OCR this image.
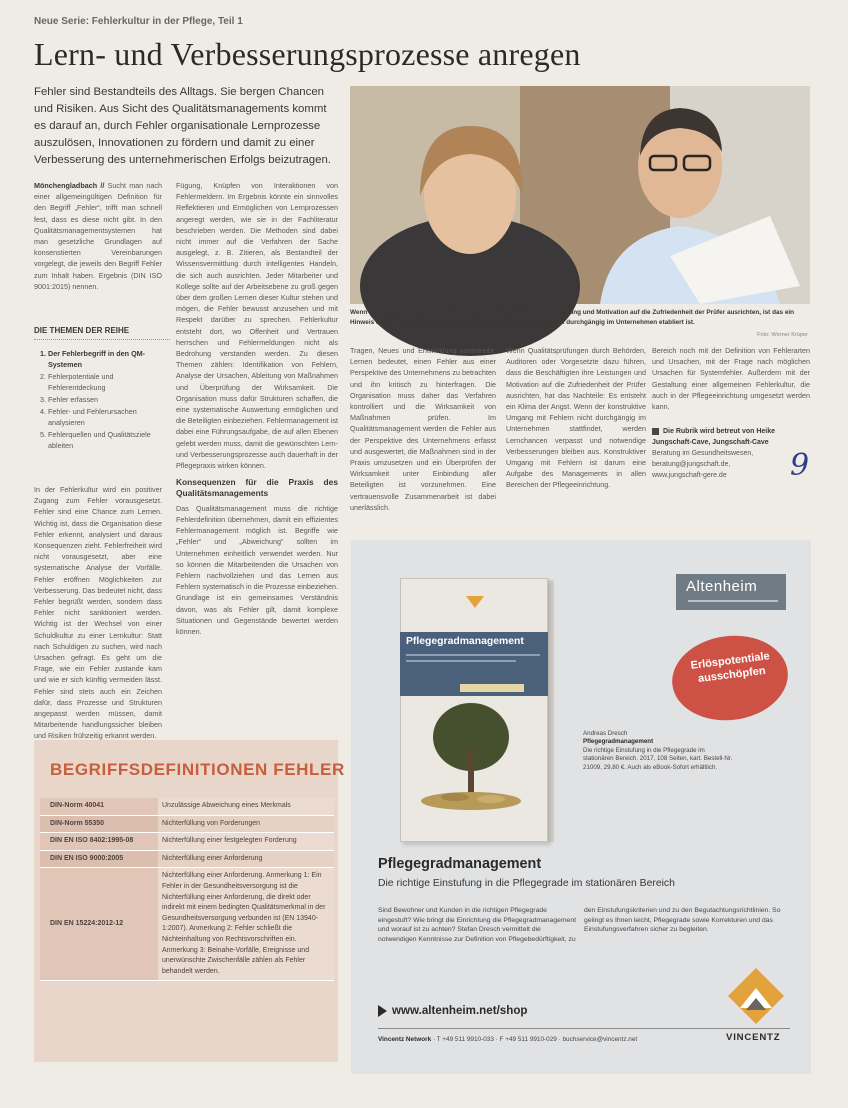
Neue Serie: Fehlerkultur in der Pflege, Teil 1
Lern- und Verbesserungsprozesse anregen
Fehler sind Bestandteils des Alltags. Sie bergen Chancen und Risiken. Aus Sicht des Qualitätsmanagements kommt es darauf an, durch Fehler organisationale Lernprozesse auszulösen, Innovationen zu fördern und damit zu einer Verbesserung des unternehmerischen Erfolgs beizutragen.

Mönchengladbach // Sucht man nach einer allgemeingültigen Definition für den Begriff „Fehler“, trifft man schnell fest, dass es diese nicht gibt. In den Qualitätsmanagementsystemen hat man gesetzliche Grundlagen auf konsenstierten Vereinbarungen vorgelegt, die jeweils den Begriff Fehler zum Inhalt haben. Ergebnis (DIN ISO 9001:2015) nennen.

DIE THEMEN DER REIHE
1. Der Fehlerbegriff in den QM-Systemen
2. Fehlerpotentiale und Fehlerentdeckung
3. Fehler erfassen
4. Fehler- und Fehlerursachen analysieren
5. Fehlerquellen und Qualitätsziele ableiten

In der Fehlerkultur wird ein positiver Zugang zum Fehler vorausgesetzt. Fehler sind eine Chance zum Lernen. Wichtig ist, dass die Organisation diese Fehler erkennt, analysiert und daraus Konsequenzen zieht. Fehlerfreiheit wird nicht vorausgesetzt, aber eine systematische Analyse der Vorfälle. Fehler eröffnen Möglichkeiten zur Verbesserung. Das bedeutet nicht, dass Fehler begrüßt werden, sondern dass Fehler nicht sanktioniert werden. Wichtig ist der Wechsel von einer Schuldkultur zu einer Lernkultur: Statt nach Schuldigen zu suchen, wird nach Ursachen gefragt. Es geht um die Frage, wie ein Fehler zustande kam und wie er sich künftig vermeiden lässt. Fehler sind stets auch ein Zeichen dafür, dass Prozesse und Strukturen angepasst werden müssen, damit Mitarbeitende handlungssicher bleiben und Risiken frühzeitig erkannt werden.

Fügung, Knüpfen von Interaktionen von Fehlermeldern. Im Ergebnis könnte ein sinnvolles Reflektieren und Ermöglichen von Lernprozessen angeregt werden, wie sie in der Fachliteratur beschrieben werden. Die Methoden sind dabei nicht immer auf die Verfahren der Sache ausgelegt, z. B. Zitieren, als Bestandteil der Wissensvermittlung durch intelligentes Handeln, die sich auch ausrichten. Jeder Mitarbeiter und Kollege sollte auf der Arbeitsebene zu groß gegen über dem großen Lernen dieser Kultur stehen und mögen, die Fehler bewusst anzusehen und mit Respekt darüber zu sprechen. Fehlerkultur entsteht dort, wo Offenheit und Vertrauen herrschen und Fehlermeldungen nicht als Bedrohung verstanden werden. Zu diesen Themen zählen: Identifikation von Fehlern, Analyse der Ursachen, Ableitung von Maßnahmen und Überprüfung der Wirksamkeit. Die Organisation muss dafür Strukturen schaffen, die eine systematische Auswertung ermöglichen und die Beteiligten einbeziehen. Fehlermanagement ist dabei eine Führungsaufgabe, die auf allen Ebenen gelebt werden muss, damit die gewünschten Lern- und Verbesserungsprozesse auch dauerhaft in der Pflegepraxis wirken können.

Konsequenzen für die Praxis des Qualitätsmanagements

Das Qualitätsmanagement muss die richtige Fehlerdefinition übernehmen, damit ein effizientes Fehlermanagement möglich ist. Begriffe wie „Fehler“ und „Abweichung“ sollten im Unternehmen einheitlich verwendet werden. Nur so können die Mitarbeitenden die Ursachen von Fehlern nachvollziehen und das Lernen aus Fehlern systematisch in die Prozesse einbeziehen. Grundlage ist ein gemeinsames Verständnis davon, was als Fehler gilt, damit komplexe Situationen und Gegenstände bewertet werden können.

Wenn Qualitätsprüfungen dazu führen, dass die Beschäftigten ihre Leistung und Motivation auf die Zufriedenheit der Prüfer ausrichten, ist das ein Hinweis darauf, dass ein konstruktiver Umgang mit Fehlern noch nicht durchgängig im Unternehmen etabliert ist.
Foto: Werner Krüper

Tragen, Neues und Entwicklung vorantreibt. Lernen bedeutet, einen Fehler aus einer Perspektive des Unternehmens zu betrachten und ihn kritisch zu hinterfragen. Die Organisation muss daher das Verfahren kontrolliert und die Wirksamkeit von Maßnahmen prüfen. Im Qualitätsmanagement werden die Fehler aus der Perspektive des Unternehmens erfasst und ausgewertet, die Maßnahmen sind in der Praxis umzusetzen und ein Überprüfen der Wirksamkeit unter Einbindung aller Beteiligten ist vorzunehmen. Eine vertrauensvolle Zusammenarbeit ist dabei unerlässlich.

Wenn Qualitätsprüfungen durch Behörden, Auditoren oder Vorgesetzte dazu führen, dass die Beschäftigten ihre Leistungen und Motivation auf die Zufriedenheit der Prüfer ausrichten, hat das Nachteile: Es entsteht ein Klima der Angst. Wenn der konstruktive Umgang mit Fehlern nicht durchgängig im Unternehmen stattfindet, werden Lernchancen verpasst und notwendige Verbesserungen bleiben aus. Konstruktiver Umgang mit Fehlern ist darum eine Aufgabe des Managements in allen Bereichen der Pflegeeinrichtung.

Bereich noch mit der Definition von Fehlerarten und Ursachen, mit der Frage nach möglichen Ursachen für Systemfehler. Außerdem mit der Gestaltung einer allgemeinen Fehlerkultur, die auch in der Pflegeeinrichtung umgesetzt werden kann.

Die Rubrik wird betreut von Heike
Jungschaft-Cave, Jungschaft-Cave
Beratung im Gesundheitswesen,
beratung@jungschaft.de,
www.jungschaft-gere.de	9
BEGRIFFSDEFINITIONEN FEHLER
DIN-Norm 40041	Unzulässige Abweichung eines Merkmals
DIN-Norm 55350	Nichterfüllung von Forderungen
DIN EN ISO 8402:1995-08	Nichterfüllung einer festgelegten Forderung
DIN EN ISO 9000:2005	Nichterfüllung einer Anforderung
DIN EN 15224:2012-12	Nichterfüllung einer Anforderung. Anmerkung 1: Ein Fehler in der Gesundheitsversorgung ist die Nichterfüllung einer Anforderung, die direkt oder indirekt mit einem bedingten Qualitätsmerkmal in der Gesundheitsversorgung verbunden ist (EN 13940-1:2007). Anmerkung 2: Fehler schließt die Nichteinhaltung von Rechtsvorschriften ein. Anmerkung 3: Beinahe-Vorfälle, Ereignisse und unerwünschte Zwischenfälle zählen als Fehler behandelt werden.
Pflegegradmanagement
Altenheim
Erlöspotentiale ausschöpfen
Andreas Dresch
Pflegegradmanagement
Die richtige Einstufung in die Pflegegrade im stationären Bereich. 2017, 108 Seiten, kart. Bestell-Nr. 21009, 29,80 €. Auch als eBook-Sofort erhältlich.
Pflegegradmanagement
Die richtige Einstufung in die Pflegegrade im stationären Bereich
Sind Bewohner und Kunden in die richtigen Pflegegrade eingestuft? Wie bringt die Einrichtung die Pflegegradmanagement und worauf ist zu achten? Stefan Dresch vermittelt die notwendigen Kenntnisse zur Definition von Pflegebedürftigkeit, zu
den Einstufungskriterien und zu den Begutachtungsrichtlinien. So gelingt es Ihnen leicht, Pflegegrade sowie Korrekturen und das Einstufungsverfahren sicher zu begleiten.
www.altenheim.net/shop
Vincentz Network · T +49 511 9910-033 · F +49 511 9910-029 · buchservice@vincentz.net	VINCENTZ
